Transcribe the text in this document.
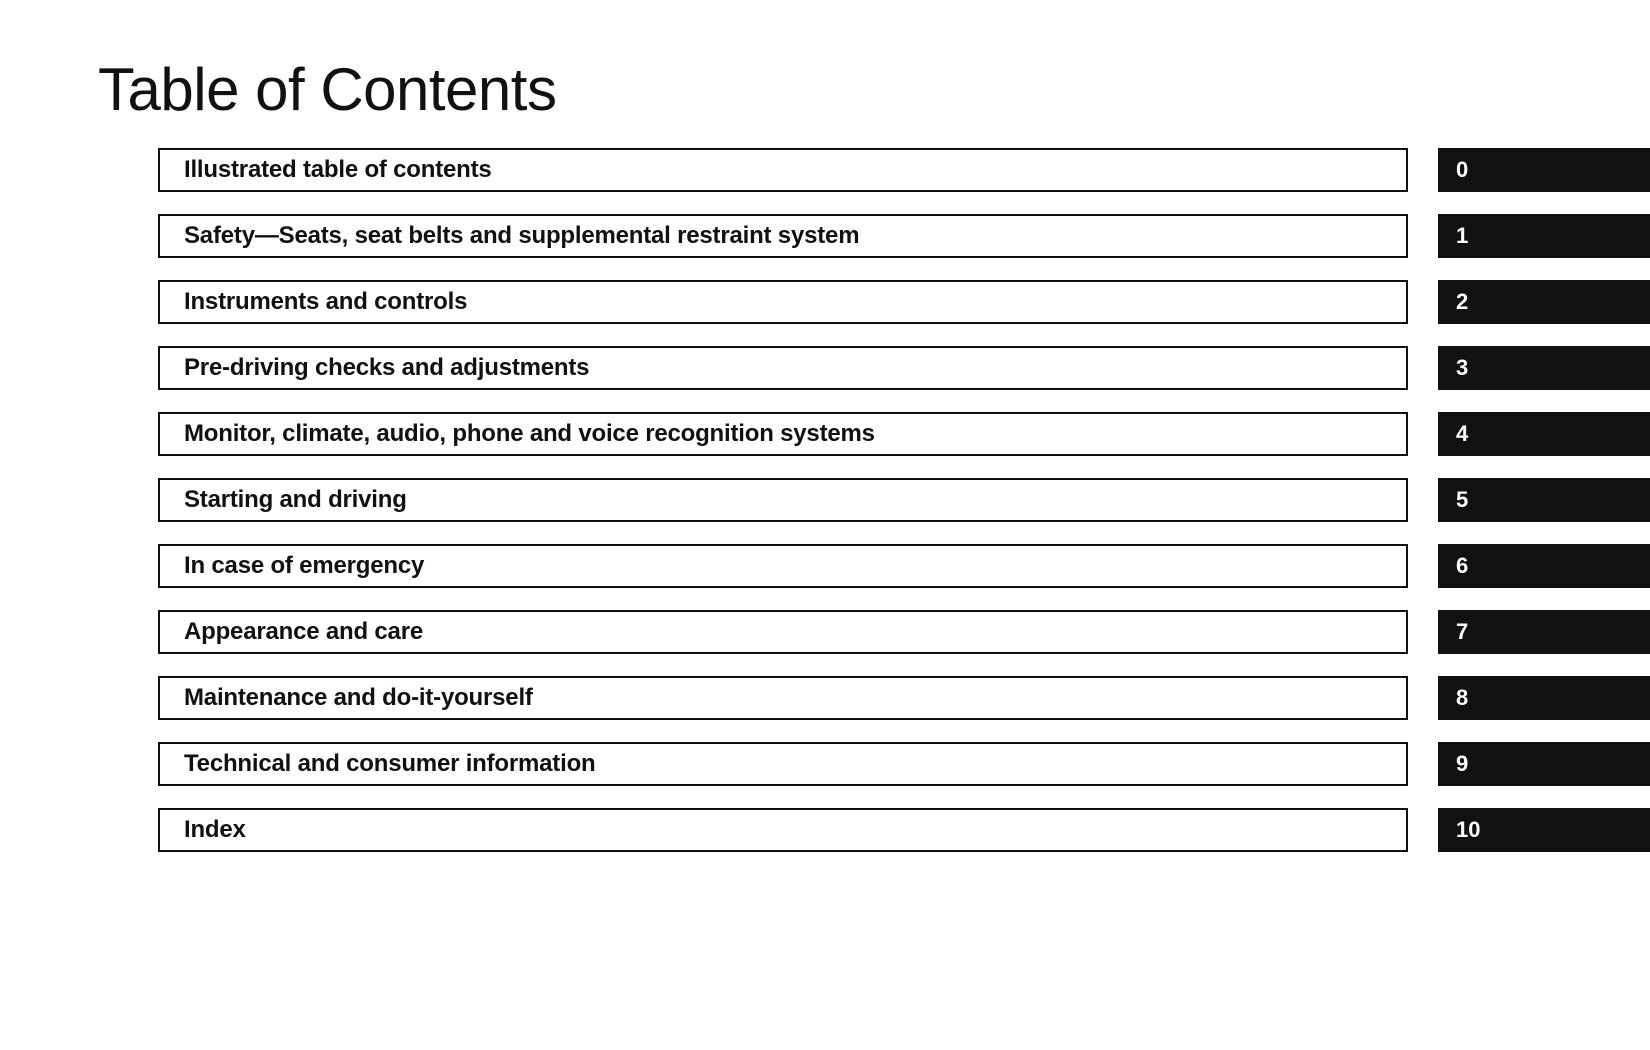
Table of Contents
Illustrated table of contents	0
Safety—Seats, seat belts and supplemental restraint system	1
Instruments and controls	2
Pre-driving checks and adjustments	3
Monitor, climate, audio, phone and voice recognition systems	4
Starting and driving	5
In case of emergency	6
Appearance and care	7
Maintenance and do-it-yourself	8
Technical and consumer information	9
Index	10
